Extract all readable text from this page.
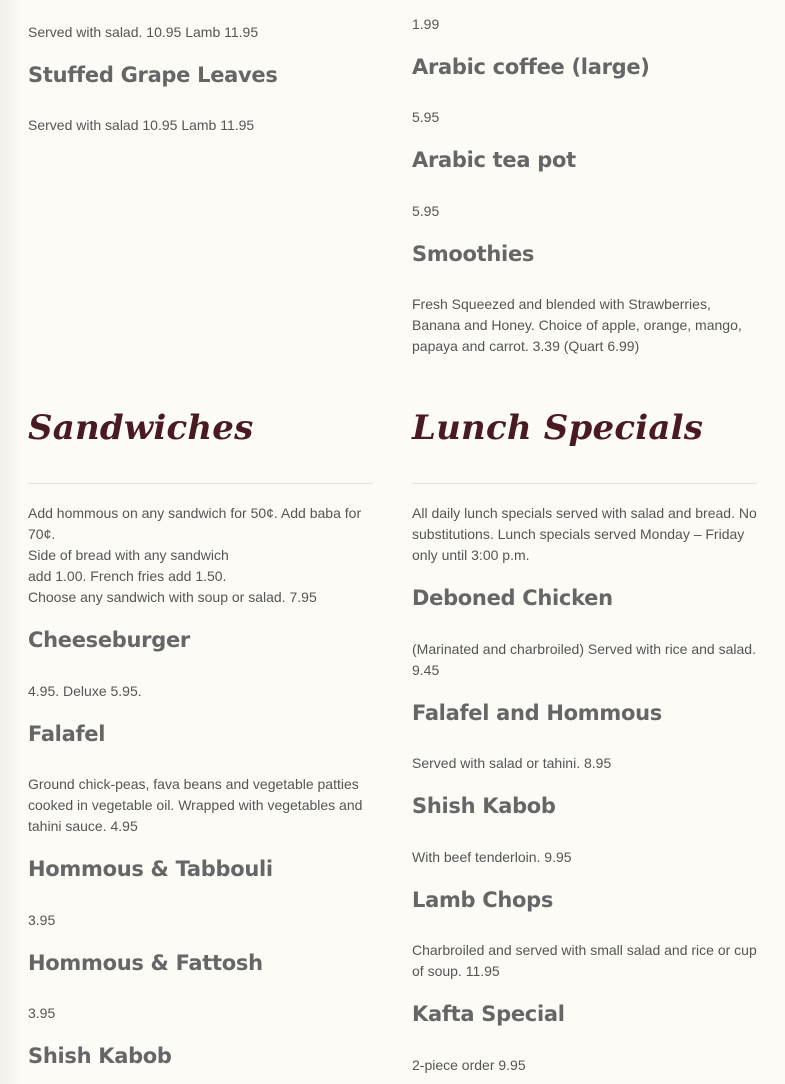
Served with salad. 10.95 Lamb 11.95

Stuffed Grape Leaves

Served with salad 10.95 Lamb 11.95

Sandwiches
Add hommous on any sandwich for 50¢. Add baba for 70¢.
Side of bread with any sandwich
add 1.00. French fries add 1.50.
Choose any sandwich with soup or salad. 7.95
Cheeseburger

4.95. Deluxe 5.95.

Falafel

Ground chick-peas, fava beans and vegetable patties cooked in vegetable oil. Wrapped with vegetables and tahini sauce. 4.95

Hommous & Tabbouli

3.95

Hommous & Fattosh

3.95

Shish Kabob

1.99

Arabic coffee (large)

5.95

Arabic tea pot

5.95

Smoothies

Fresh Squeezed and blended with Strawberries, Banana and Honey. Choice of apple, orange, mango, papaya and carrot. 3.39 (Quart 6.99)

Lunch Specials

All daily lunch specials served with salad and bread. No substitutions. Lunch specials served Monday – Friday only until 3:00 p.m.

Deboned Chicken

(Marinated and charbroiled) Served with rice and salad. 9.45

Falafel and Hommous

Served with salad or tahini. 8.95

Shish Kabob

With beef tenderloin. 9.95

Lamb Chops

Charbroiled and served with small salad and rice or cup of soup. 11.95

Kafta Special

2-piece order 9.95
